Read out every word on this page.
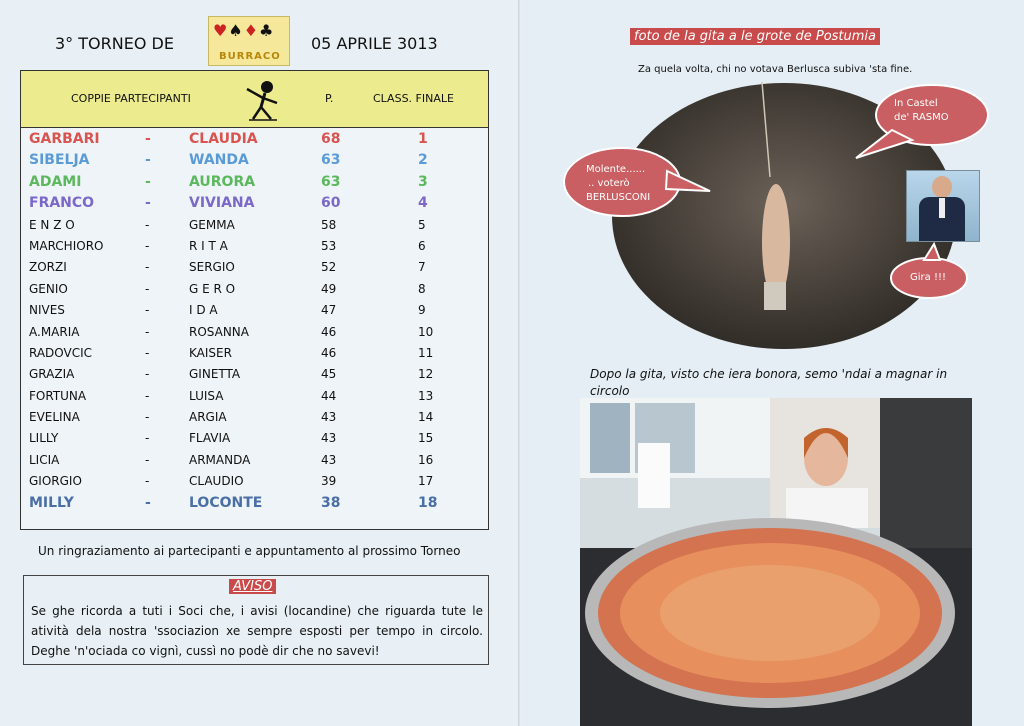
3° TORNEO DE
♥♠♦♣
BURRACO
05 APRILE 3013
COPPIE PARTECIPANTI	P.	CLASS. FINALE
GARBARI	-	CLAUDIA	68	1
SIBELJA	-	WANDA	63	2
ADAMI	-	AURORA	63	3
FRANCO	-	VIVIANA	60	4
E N Z O	-	GEMMA	58	5
MARCHIORO	-	R I T A	53	6
ZORZI	-	SERGIO	52	7
GENIO	-	G E R O	49	8
NIVES	-	I D A	47	9
A.MARIA	-	ROSANNA	46	10
RADOVCIC	-	KAISER	46	11
GRAZIA	-	GINETTA	45	12
FORTUNA	-	LUISA	44	13
EVELINA	-	ARGIA	43	14
LILLY	-	FLAVIA	43	15
LICIA	-	ARMANDA	43	16
GIORGIO	-	CLAUDIO	39	17
MILLY	-	LOCONTE	38	18
Un ringraziamento ai partecipanti e appuntamento al prossimo Torneo
AVISO
Se ghe ricorda a tuti i Soci che, i avisi (locandine) che riguarda tute le atività dela nostra 'ssociazion xe sempre esposti per tempo in circolo. Deghe 'n'ociada co vignì, cussì no podè dir che no savevi!
foto de la gita a le grote de Postumia
Za quela volta, chi no votava Berlusca subiva 'sta fine.
Molente......
.. voterò
BERLUSCONI
In Castel
de' RASMO
Gira !!!
Dopo la gita, visto che iera bonora, semo 'ndai a magnar in circolo
